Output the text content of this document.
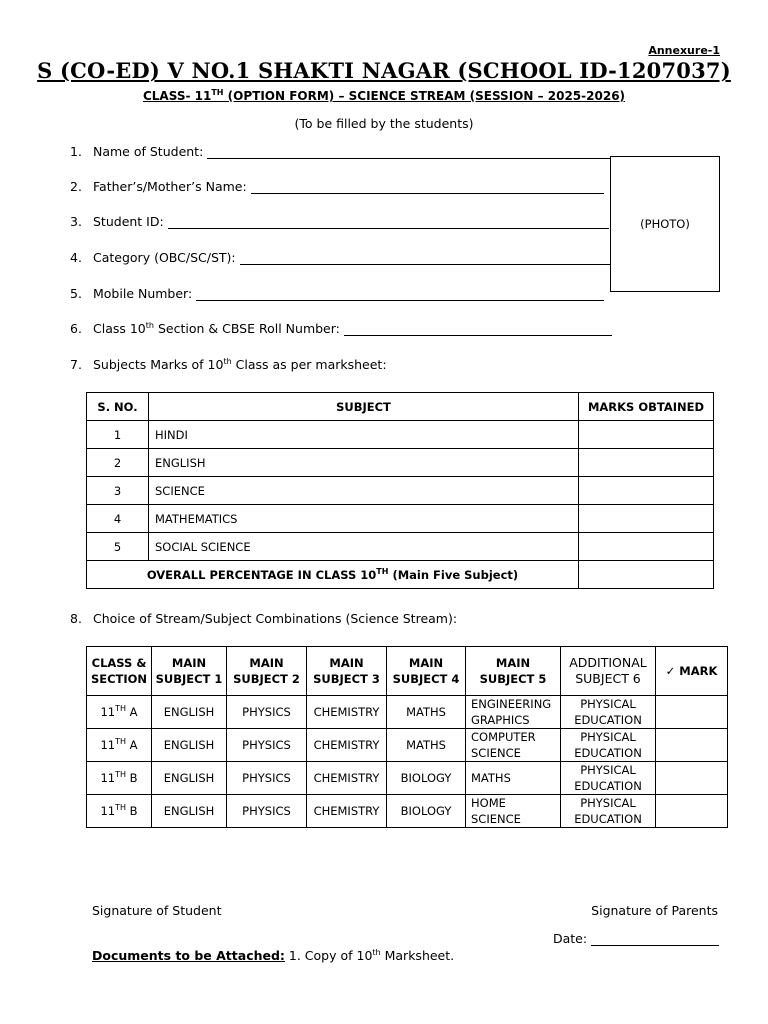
Annexure-1
S (CO-ED) V NO.1 SHAKTI NAGAR (SCHOOL ID-1207037)
CLASS- 11TH (OPTION FORM) – SCIENCE STREAM (SESSION – 2025-2026)
(To be filled by the students)
1. Name of Student:
2. Father’s/Mother’s Name:
3. Student ID:
4. Category (OBC/SC/ST):
5. Mobile Number:
(PHOTO)
6. Class 10th Section & CBSE Roll Number:
7. Subjects Marks of 10th Class as per marksheet:
S. NO.	SUBJECT	MARKS OBTAINED
1	HINDI	
2	ENGLISH	
3	SCIENCE	
4	MATHEMATICS	
5	SOCIAL SCIENCE	
OVERALL PERCENTAGE IN CLASS 10TH (Main Five Subject)		
8. Choice of Stream/Subject Combinations (Science Stream):
CLASS & SECTION	MAIN SUBJECT 1	MAIN SUBJECT 2	MAIN SUBJECT 3	MAIN SUBJECT 4	MAIN SUBJECT 5	ADDITIONAL SUBJECT 6	✓ MARK
11TH A	ENGLISH	PHYSICS	CHEMISTRY	MATHS	ENGINEERING GRAPHICS	PHYSICAL EDUCATION	
11TH A	ENGLISH	PHYSICS	CHEMISTRY	MATHS	COMPUTER SCIENCE	PHYSICAL EDUCATION	
11TH B	ENGLISH	PHYSICS	CHEMISTRY	BIOLOGY	MATHS	PHYSICAL EDUCATION	
11TH B	ENGLISH	PHYSICS	CHEMISTRY	BIOLOGY	HOME SCIENCE	PHYSICAL EDUCATION	
Signature of Student	Signature of Parents
Date:
Documents to be Attached: 1. Copy of 10th Marksheet.
